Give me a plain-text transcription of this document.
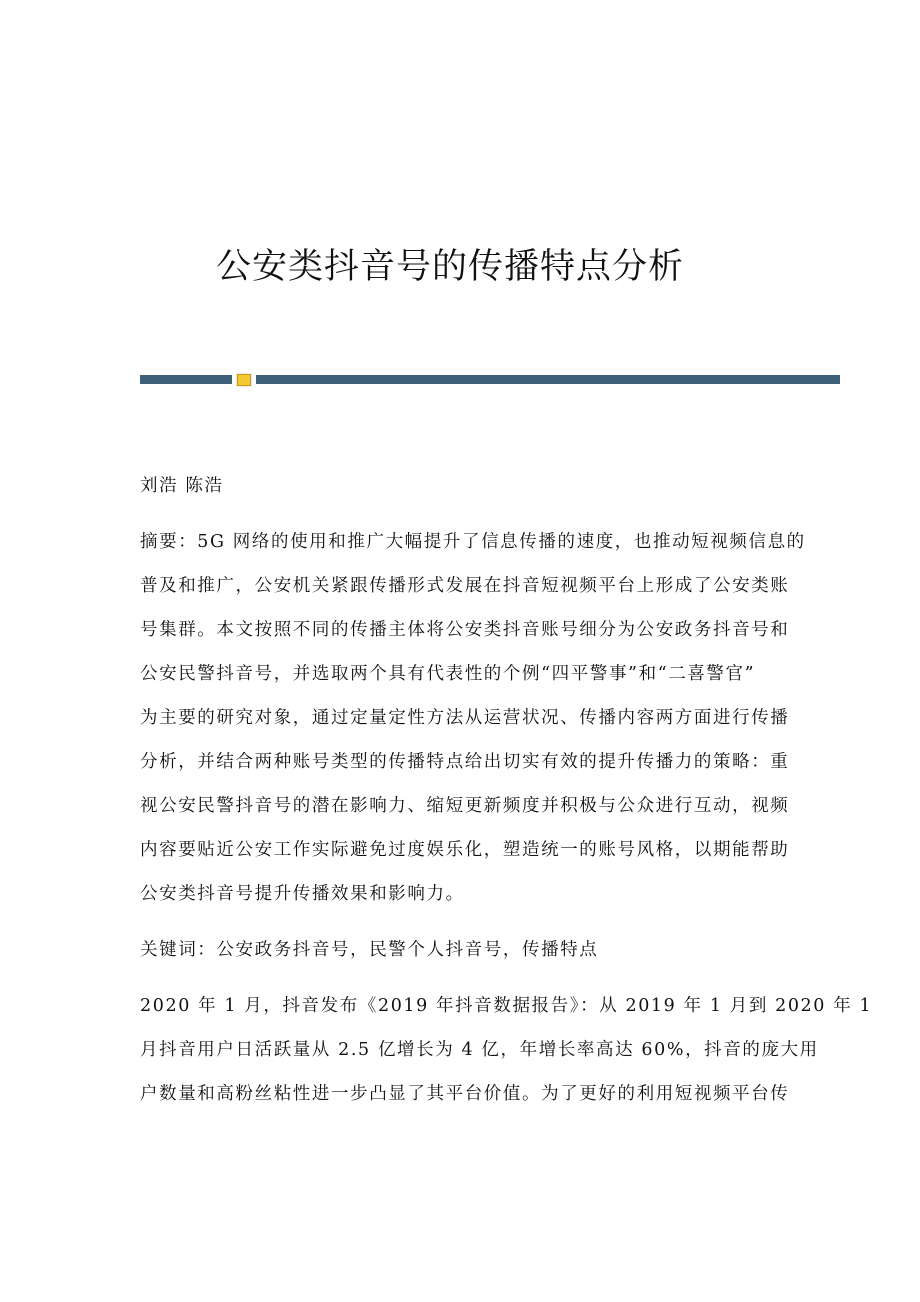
公安类抖音号的传播特点分析
刘浩 陈浩
摘要：5G 网络的使用和推广大幅提升了信息传播的速度，也推动短视频信息的
普及和推广，公安机关紧跟传播形式发展在抖音短视频平台上形成了公安类账
号集群。本文按照不同的传播主体将公安类抖音账号细分为公安政务抖音号和
公安民警抖音号，并选取两个具有代表性的个例“四平警事”和“二喜警官”
为主要的研究对象，通过定量定性方法从运营状况、传播内容两方面进行传播
分析，并结合两种账号类型的传播特点给出切实有效的提升传播力的策略：重
视公安民警抖音号的潜在影响力、缩短更新频度并积极与公众进行互动，视频
内容要贴近公安工作实际避免过度娱乐化，塑造统一的账号风格，以期能帮助
公安类抖音号提升传播效果和影响力。
关键词：公安政务抖音号，民警个人抖音号，传播特点
2020 年 1 月，抖音发布《2019 年抖音数据报告》：从 2019 年 1 月到 2020 年 1
月抖音用户日活跃量从 2.5 亿增长为 4 亿，年增长率高达 60%，抖音的庞大用
户数量和高粉丝粘性进一步凸显了其平台价值。为了更好的利用短视频平台传
